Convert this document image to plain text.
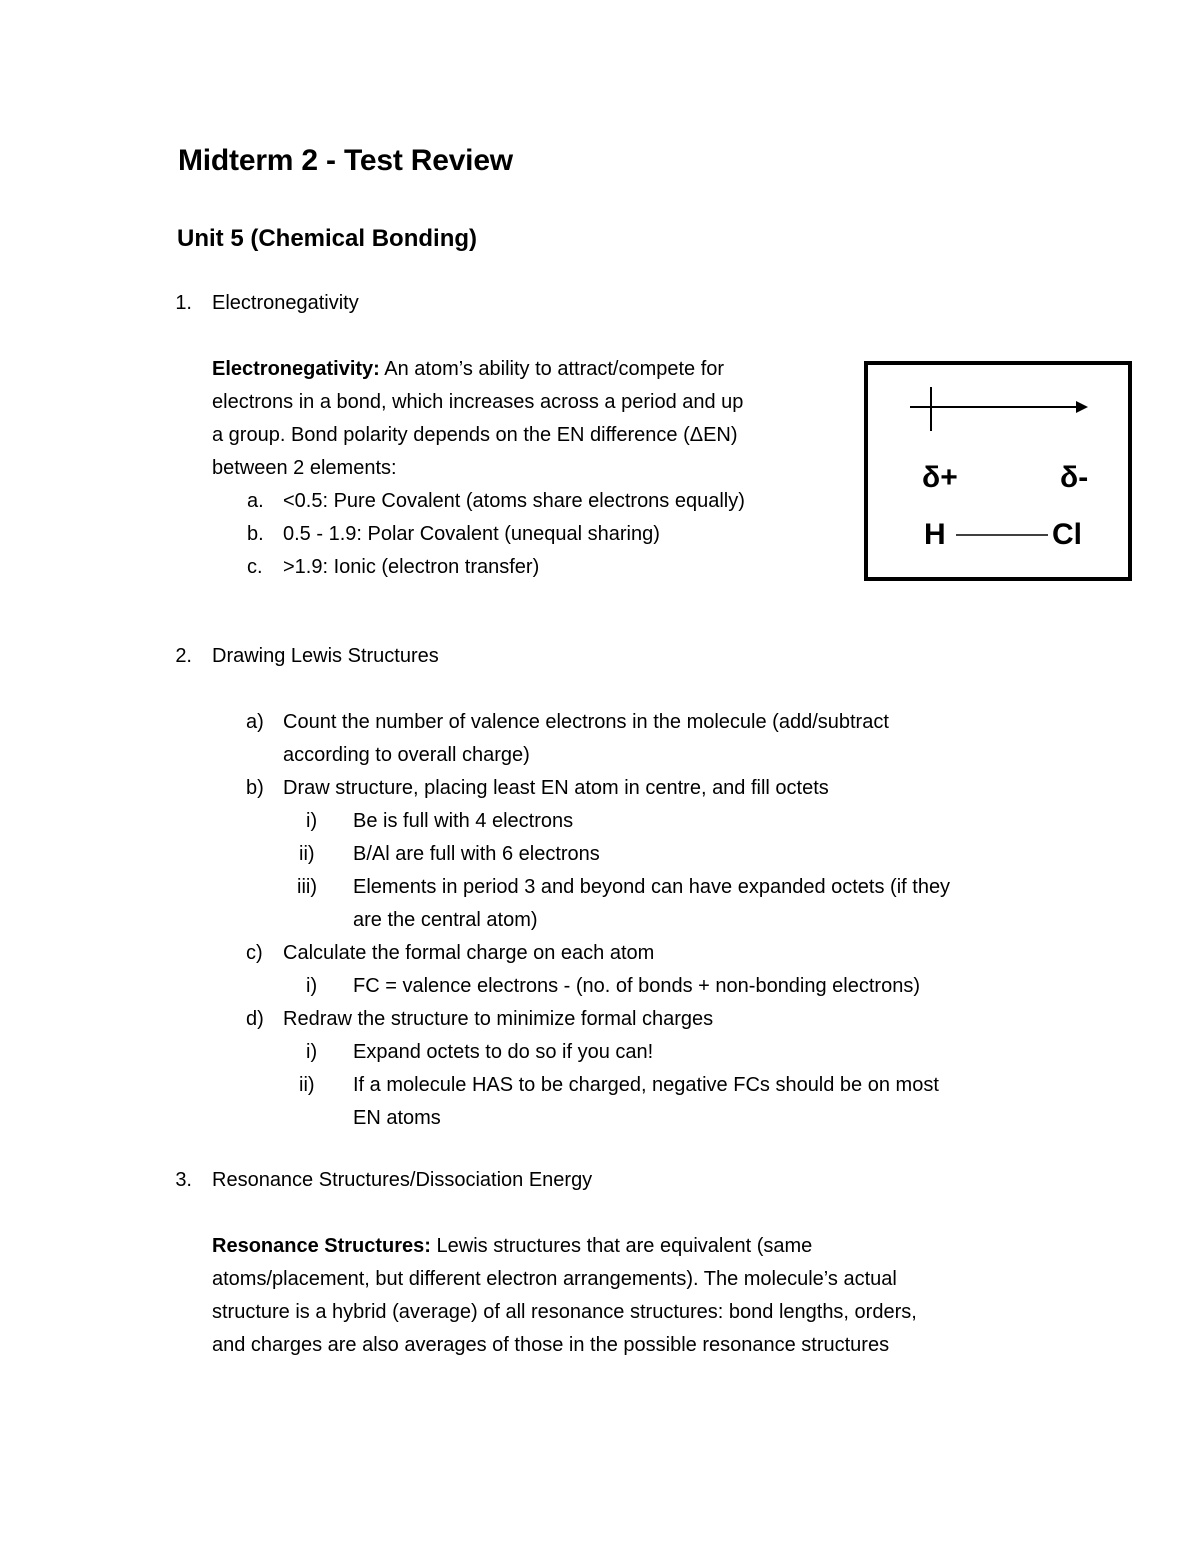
Midterm 2 - Test Review
Unit 5 (Chemical Bonding)
1. Electronegativity
Electronegativity: An atom’s ability to attract/compete for
electrons in a bond, which increases across a period and up
a group. Bond polarity depends on the EN difference (ΔEN)
between 2 elements:
a. <0.5: Pure Covalent (atoms share electrons equally)
b. 0.5 - 1.9: Polar Covalent (unequal sharing)
c. >1.9: Ionic (electron transfer)
δ+	δ-
H	Cl
2. Drawing Lewis Structures
a) Count the number of valence electrons in the molecule (add/subtract
according to overall charge)
b) Draw structure, placing least EN atom in centre, and fill octets
i) Be is full with 4 electrons
ii) B/Al are full with 6 electrons
iii) Elements in period 3 and beyond can have expanded octets (if they
are the central atom)
c) Calculate the formal charge on each atom
i) FC = valence electrons - (no. of bonds + non-bonding electrons)
d) Redraw the structure to minimize formal charges
i) Expand octets to do so if you can!
ii) If a molecule HAS to be charged, negative FCs should be on most
EN atoms
3. Resonance Structures/Dissociation Energy
Resonance Structures: Lewis structures that are equivalent (same
atoms/placement, but different electron arrangements). The molecule’s actual
structure is a hybrid (average) of all resonance structures: bond lengths, orders,
and charges are also averages of those in the possible resonance structures
